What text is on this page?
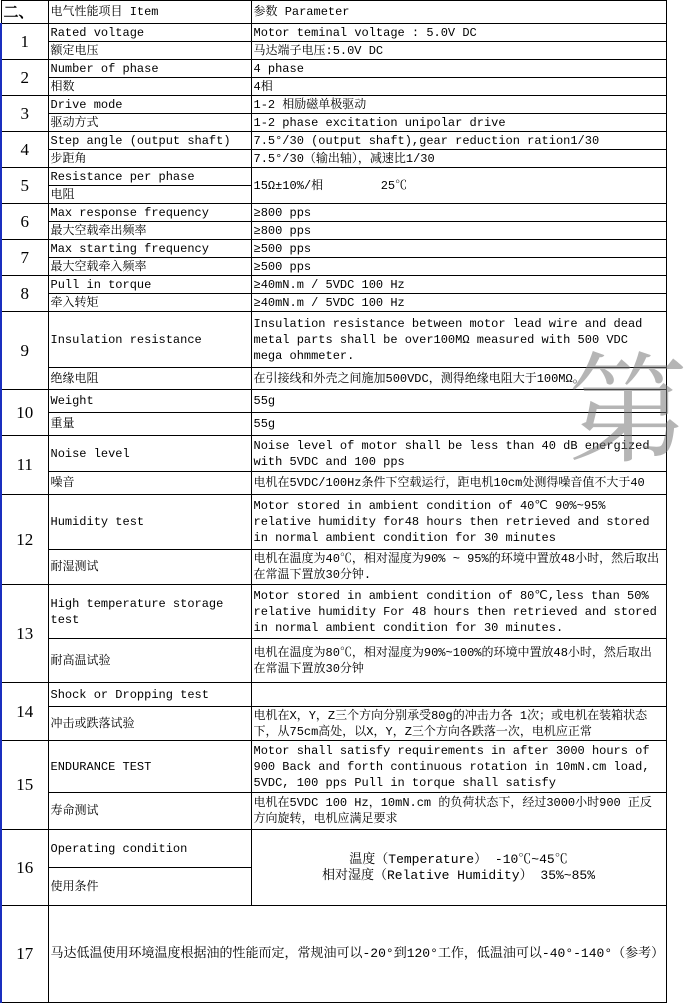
二、	电气性能项目 Item	参数 Parameter
1	Rated voltage	Motor teminal voltage : 5.0V DC
	额定电压	马达端子电压:5.0V DC
2	Number of phase	4 phase
	相数	4相
3	Drive mode	1-2 相励磁单极驱动
	驱动方式	1-2 phase excitation unipolar drive
4	Step angle (output shaft)	7.5°/30 (output shaft),gear reduction ration1/30
	步距角	7.5°/30（输出轴），减速比1/30
5	Resistance per phase	15Ω±10%/相        25℃
	电阻	
6	Max response frequency	≥800 pps
	最大空载牵出频率	≥800 pps
7	Max starting frequency	≥500 pps
	最大空载牵入频率	≥500 pps
8	Pull in torque	≥40mN.m / 5VDC 100 Hz
	牵入转矩	≥40mN.m / 5VDC 100 Hz
9	Insulation resistance	Insulation resistance between motor lead wire and dead metal parts shall be over100MΩ measured with 500 VDC mega ohmmeter.
	绝缘电阻	在引接线和外壳之间施加500VDC，测得绝缘电阻大于100MΩ。
10	Weight	55g
	重量	55g
11	Noise level	Noise level of motor shall be less than 40 dB energized with 5VDC and 100 pps
	噪音	电机在5VDC/100Hz条件下空载运行，距电机10cm处测得噪音值不大于40
12	Humidity test	Motor stored in ambient condition of 40℃ 90%~95% relative humidity for48 hours then retrieved and stored in normal ambient condition for 30 minutes
	耐湿测试	电机在温度为40℃，相对湿度为90% ~ 95%的环境中置放48小时，然后取出在常温下置放30分钟.
13	High temperature storage test	Motor stored in ambient condition of 80℃,less than 50% relative humidity For 48 hours then retrieved and stored in normal ambient condition for 30 minutes.
	耐高温试验	电机在温度为80℃，相对湿度为90%~100%的环境中置放48小时，然后取出在常温下置放30分钟
14	Shock or Dropping test	
	冲击或跌落试验	电机在X，Y，Z三个方向分别承受80g的冲击力各 1次；或电机在装箱状态下，从75cm高处，以X，Y，Z三个方向各跌落一次，电机应正常
15	ENDURANCE TEST	Motor shall satisfy requirements in after 3000 hours of 900 Back and forth continuous rotation in 10mN.cm load, 5VDC, 100 pps Pull in torque shall satisfy
	寿命测试	电机在5VDC 100 Hz，10mN.cm 的负荷状态下，经过3000小时900 正反方向旋转，电机应满足要求
16	Operating condition	温度（Temperature） -10℃~45℃
相对湿度（Relative Humidity） 35%~85%

	使用条件	
17	马达低温使用环境温度根据油的性能而定，常规油可以-20°到120°工作，低温油可以-40°-140°（参考）	
第
